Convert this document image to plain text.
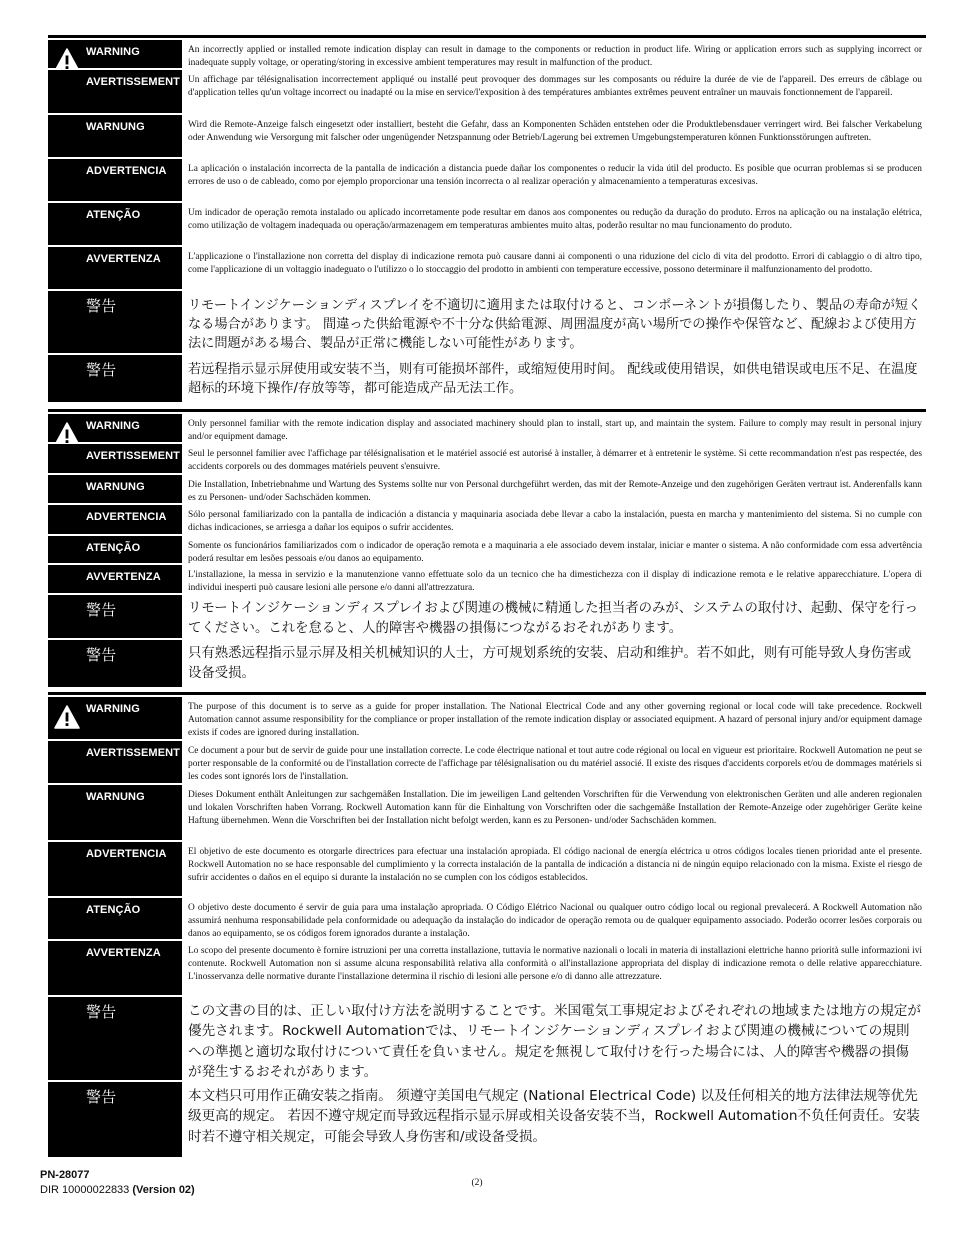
WARNING	An incorrectly applied or installed remote indication display can result in damage to the components or reduction in product life. Wiring or application errors such as supplying incorrect or inadequate supply voltage, or operating/storing in excessive ambient temperatures may result in malfunction of the product.
AVERTISSEMENT Un affichage par télésignalisation incorrectement appliqué ou installé peut provoquer des dommages sur les composants ou réduire la durée de vie de l'appareil. Des erreurs de câblage ou d'application telles qu'un voltage incorrect ou inadapté ou la mise en service/l'exposition à des températures ambiantes extrêmes peuvent entraîner un mauvais fonctionnement de l'appareil.
WARNUNG	Wird die Remote-Anzeige falsch eingesetzt oder installiert, besteht die Gefahr, dass an Komponenten Schäden entstehen oder die Produktlebensdauer verringert wird. Bei falscher Verkabelung oder Anwendung wie Versorgung mit falscher oder ungenügender Netzspannung oder Betrieb/Lagerung bei extremen Umgebungstemperaturen können Funktionsstörungen auftreten.
ADVERTENCIA	La aplicación o instalación incorrecta de la pantalla de indicación a distancia puede dañar los componentes o reducir la vida útil del producto. Es posible que ocurran problemas si se producen errores de uso o de cableado, como por ejemplo proporcionar una tensión incorrecta o al realizar operación y almacenamiento a temperaturas excesivas.
ATENÇÃO	Um indicador de operação remota instalado ou aplicado incorretamente pode resultar em danos aos componentes ou redução da duração do produto. Erros na aplicação ou na instalação elétrica, como utilização de voltagem inadequada ou operação/armazenagem em temperaturas ambientes muito altas, poderão resultar no mau funcionamento do produto.
AVVERTENZA	L'applicazione o l'installazione non corretta del display di indicazione remota può causare danni ai componenti o una riduzione del ciclo di vita del prodotto. Errori di cablaggio o di altro tipo, come l'applicazione di un voltaggio inadeguato o l'utilizzo o lo stoccaggio del prodotto in ambienti con temperature eccessive, possono determinare il malfunzionamento del prodotto.
警告	リモートインジケーションディスプレイを不適切に適用または取付けると、コンポーネントが損傷したり、製品の寿命が短くなる場合があります。 間違った供給電源や不十分な供給電源、周囲温度が高い場所での操作や保管など、配線および使用方法に問題がある場合、製品が正常に機能しない可能性があります。
警告	若远程指示显示屏使用或安装不当，则有可能损坏部件，或缩短使用时间。 配线或使用错误，如供电错误或电压不足、在温度超标的环境下操作/存放等等，都可能造成产品无法工作。
WARNING	Only personnel familiar with the remote indication display and associated machinery should plan to install, start up, and maintain the system. Failure to comply may result in personal injury and/or equipment damage.
AVERTISSEMENT Seul le personnel familier avec l'affichage par télésignalisation et le matériel associé est autorisé à installer, à démarrer et à entretenir le système. Si cette recommandation n'est pas respectée, des accidents corporels ou des dommages matériels peuvent s'ensuivre.
WARNUNG	Die Installation, Inbetriebnahme und Wartung des Systems sollte nur von Personal durchgeführt werden, das mit der Remote-Anzeige und den zugehörigen Geräten vertraut ist. Anderenfalls kann es zu Personen- und/oder Sachschäden kommen.
ADVERTENCIA	Sólo personal familiarizado con la pantalla de indicación a distancia y maquinaria asociada debe llevar a cabo la instalación, puesta en marcha y mantenimiento del sistema. Si no cumple con dichas indicaciones, se arriesga a dañar los equipos o sufrir accidentes.
ATENÇÃO	Somente os funcionários familiarizados com o indicador de operação remota e a maquinaria a ele associado devem instalar, iniciar e manter o sistema. A não conformidade com essa advertência poderá resultar em lesões pessoais e/ou danos ao equipamento.
AVVERTENZA	L'installazione, la messa in servizio e la manutenzione vanno effettuate solo da un tecnico che ha dimestichezza con il display di indicazione remota e le relative apparecchiature. L'opera di individui inesperti può causare lesioni alle persone e/o danni all'attrezzatura.
警告	リモートインジケーションディスプレイおよび関連の機械に精通した担当者のみが、システムの取付け、起動、保守を行ってください。これを怠ると、人的障害や機器の損傷につながるおそれがあります。
警告	只有熟悉远程指示显示屏及相关机械知识的人士，方可规划系统的安装、启动和维护。若不如此，则有可能导致人身伤害或设备受损。
WARNING	The purpose of this document is to serve as a guide for proper installation. The National Electrical Code and any other governing regional or local code will take precedence. Rockwell Automation cannot assume responsibility for the compliance or proper installation of the remote indication display or associated equipment. A hazard of personal injury and/or equipment damage exists if codes are ignored during installation.
AVERTISSEMENT Ce document a pour but de servir de guide pour une installation correcte. Le code électrique national et tout autre code régional ou local en vigueur est prioritaire. Rockwell Automation ne peut se porter responsable de la conformité ou de l'installation correcte de l'affichage par télésignalisation ou du matériel associé. Il existe des risques d'accidents corporels et/ou de dommages matériels si les codes sont ignorés lors de l'installation.
WARNUNG	Dieses Dokument enthält Anleitungen zur sachgemäßen Installation. Die im jeweiligen Land geltenden Vorschriften für die Verwendung von elektronischen Geräten und alle anderen regionalen und lokalen Vorschriften haben Vorrang. Rockwell Automation kann für die Einhaltung von Vorschriften oder die sachgemäße Installation der Remote-Anzeige oder zugehöriger Geräte keine Haftung übernehmen. Wenn die Vorschriften bei der Installation nicht befolgt werden, kann es zu Personen- und/oder Sachschäden kommen.
ADVERTENCIA	El objetivo de este documento es otorgarle directrices para efectuar una instalación apropiada. El código nacional de energía eléctrica u otros códigos locales tienen prioridad ante el presente. Rockwell Automation no se hace responsable del cumplimiento y la correcta instalación de la pantalla de indicación a distancia ni de ningún equipo relacionado con la misma. Existe el riesgo de sufrir accidentes o daños en el equipo si durante la instalación no se cumplen con los códigos establecidos.
ATENÇÃO	O objetivo deste documento é servir de guia para uma instalação apropriada. O Código Elétrico Nacional ou qualquer outro código local ou regional prevalecerá. A Rockwell Automation não assumirá nenhuma responsabilidade pela conformidade ou adequação da instalação do indicador de operação remota ou de qualquer equipamento associado. Poderão ocorrer lesões corporais ou danos ao equipamento, se os códigos forem ignorados durante a instalação.
AVVERTENZA	Lo scopo del presente documento è fornire istruzioni per una corretta installazione, tuttavia le normative nazionali o locali in materia di installazioni elettriche hanno priorità sulle informazioni ivi contenute. Rockwell Automation non si assume alcuna responsabilità relativa alla conformità o all'installazione appropriata del display di indicazione remota o delle relative apparecchiature. L'inosservanza delle normative durante l'installazione determina il rischio di lesioni alle persone e/o di danno alle attrezzature.
警告	この文書の目的は、正しい取付け方法を説明することです。米国電気工事規定およびそれぞれの地域または地方の規定が優先されます。Rockwell Automationでは、リモートインジケーションディスプレイおよび関連の機械についての規則への準拠と適切な取付けについて責任を負いません。規定を無視して取付けを行った場合には、人的障害や機器の損傷が発生するおそれがあります。
警告	本文档只可用作正确安装之指南。 须遵守美国电气规定 (National Electrical Code) 以及任何相关的地方法律法规等优先级更高的规定。 若因不遵守规定而导致远程指示显示屏或相关设备安装不当，Rockwell Automation不负任何责任。安装时若不遵守相关规定，可能会导致人身伤害和/或设备受损。
PN-28077
DIR 10000022833 (Version 02)
(2)
